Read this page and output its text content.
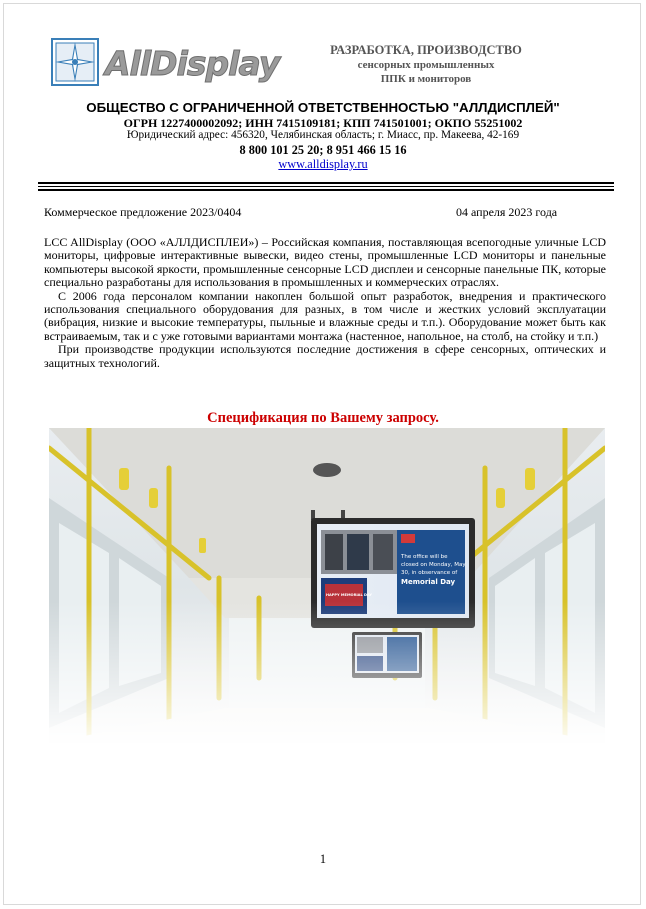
AllDisplay	РАЗРАБОТКА, ПРОИЗВОДСТВО
сенсорных промышленных
ППК и мониторов
ОБЩЕСТВО С ОГРАНИЧЕННОЙ ОТВЕТСТВЕННОСТЬЮ "АЛЛДИСПЛЕЙ"
ОГРН 1227400002092; ИНН 7415109181; КПП 741501001; ОКПО 55251002
Юридический адрес: 456320, Челябинская область; г. Миасс, пр. Макеева, 42-169
8 800 101 25 20; 8 951 466 15 16
www.alldisplay.ru
Коммерческое предложение 2023/0404	04 апреля 2023 года

LCC AllDisplay (ООО «АЛЛДИСПЛЕИ») – Российская компания, поставляющая всепогодные уличные LCD мониторы, цифровые интерактивные вывески, видео стены, промышленные LCD мониторы и панельные компьютеры высокой яркости, промышленные сенсорные LCD дисплеи и сенсорные панельные ПК, которые специально разработаны для использования в промышленных и коммерческих отраслях.

С 2006 года персоналом компании накоплен большой опыт разработок, внедрения и практического использования специального оборудования для разных, в том числе и жестких условий эксплуатации (вибрация, низкие и высокие температуры, пыльные и влажные среды и т.п.). Оборудование может быть как встраиваемым, так и с уже готовыми вариантами монтажа (настенное, напольное, на столб, на стойку и т.п.)

При производстве продукции используются последние достижения в сфере сенсорных, оптических и защитных технологий.

Спецификация по Вашему запросу.
1
